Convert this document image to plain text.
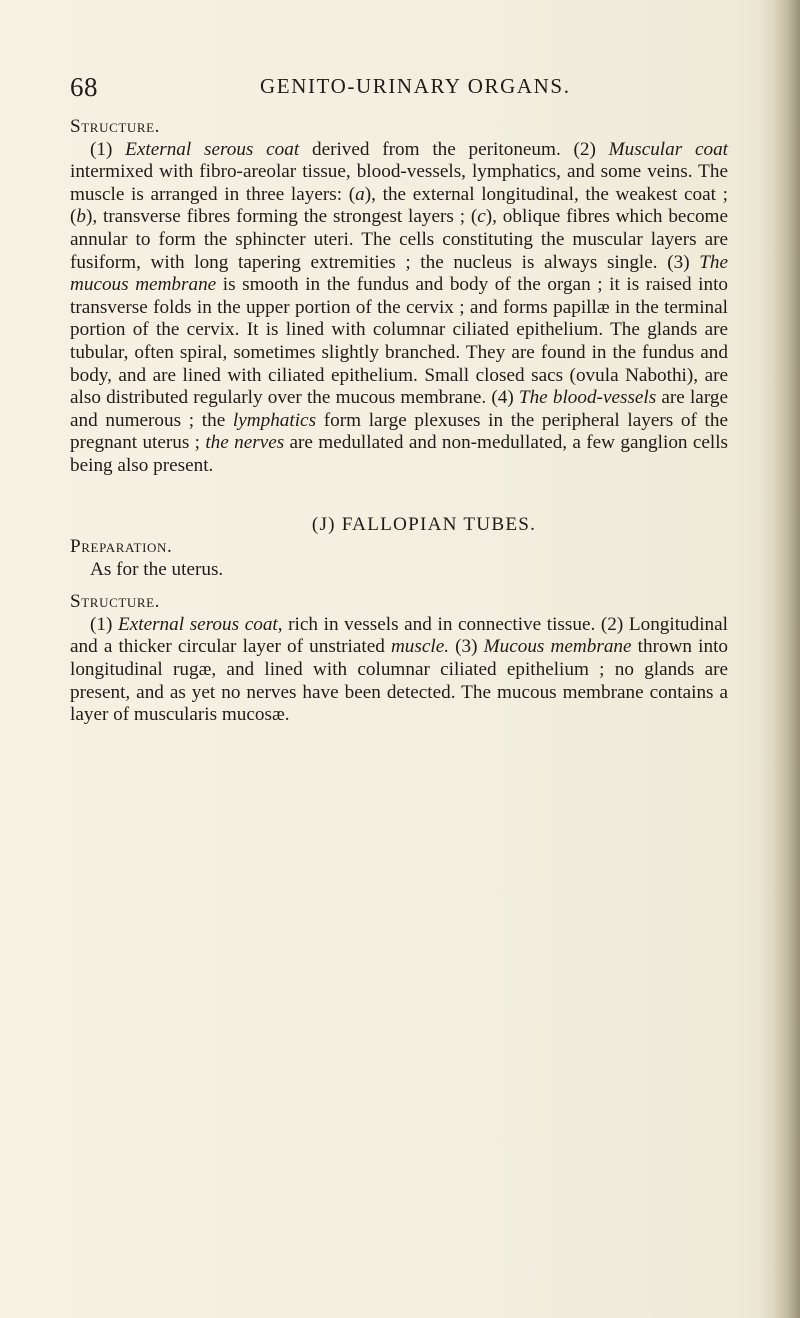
68	GENITO-URINARY ORGANS.

Structure.

(1) External serous coat derived from the peritoneum. (2) Muscular coat intermixed with fibro-areolar tissue, blood-vessels, lymphatics, and some veins. The muscle is arranged in three layers: (a), the external longitudinal, the weakest coat ; (b), transverse fibres forming the strongest layers ; (c), oblique fibres which become annular to form the sphincter uteri. The cells constituting the muscular layers are fusiform, with long tapering extremities ; the nucleus is always single. (3) The mucous membrane is smooth in the fundus and body of the organ ; it is raised into transverse folds in the upper portion of the cervix ; and forms papillæ in the terminal portion of the cervix. It is lined with columnar ciliated epithelium. The glands are tubular, often spiral, sometimes slightly branched. They are found in the fundus and body, and are lined with ciliated epithelium. Small closed sacs (ovula Nabothi), are also distributed regularly over the mucous membrane. (4) The blood-vessels are large and numerous ; the lymphatics form large plexuses in the peripheral layers of the pregnant uterus ; the nerves are medullated and non-medullated, a few ganglion cells being also present.

(J) FALLOPIAN TUBES.

Preparation.

As for the uterus.

Structure.

(1) External serous coat, rich in vessels and in connective tissue. (2) Longitudinal and a thicker circular layer of unstriated muscle. (3) Mucous membrane thrown into longitudinal rugæ, and lined with columnar ciliated epithelium ; no glands are present, and as yet no nerves have been detected. The mucous membrane contains a layer of muscularis mucosæ.
